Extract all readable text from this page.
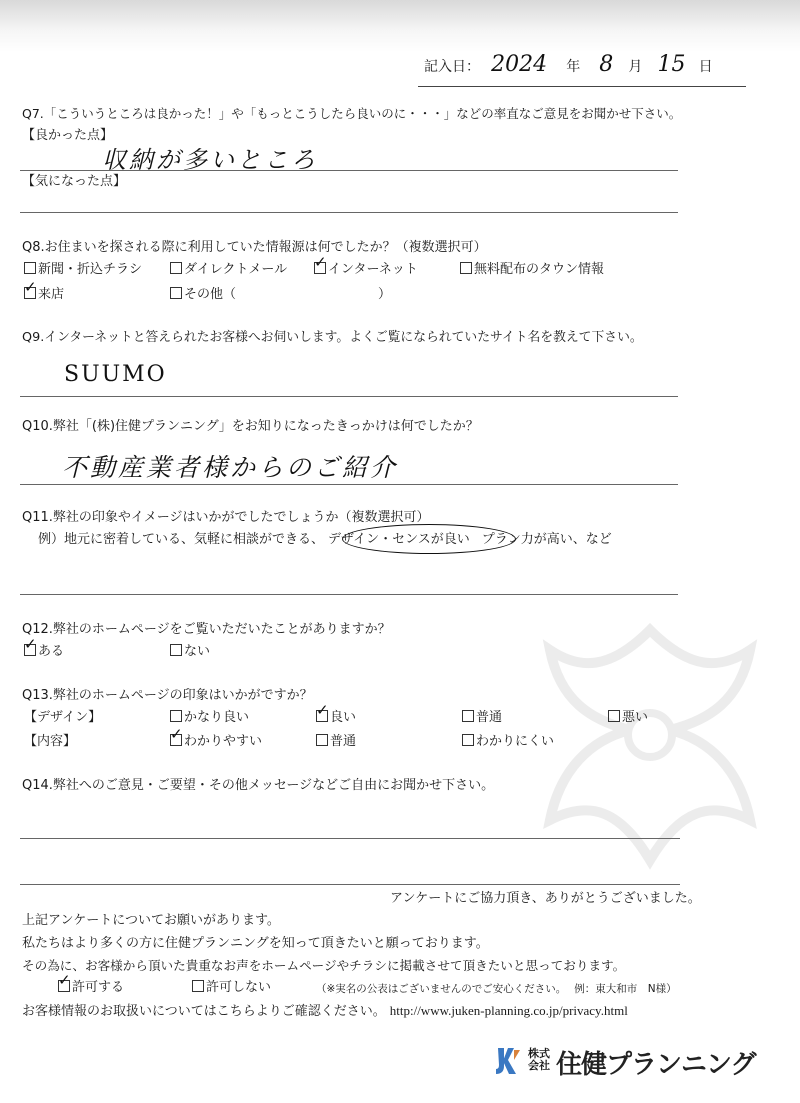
記入日： 2024 年 8 月 15 日
Q7.「こういうところは良かった！」や「もっとこうしたら良いのに・・・」などの率直なご意見をお聞かせ下さい。
【良かった点】
収納が多いところ
【気になった点】
Q8.お住まいを探される際に利用していた情報源は何でしたか？（複数選択可）
新聞・折込チラシ	ダイレクトメール ✓	インターネット	無料配布のタウン情報
✓来店	その他（	）
Q9.インターネットと答えられたお客様へお伺いします。よくご覧になられていたサイト名を教えて下さい。
SUUMO
Q10.弊社「(株)住健プランニング」をお知りになったきっかけは何でしたか？
不動産業者様からのご紹介
Q11.弊社の印象やイメージはいかがでしたでしょうか（複数選択可）
例）地元に密着している、気軽に相談ができる、 デザイン・センスが良い プラン力が高い、など
Q12.弊社のホームページをご覧いただいたことがありますか？
✓ある	ない
Q13.弊社のホームページの印象はいかがですか？
【デザイン】	かなり良い ✓	良い	普通	悪い
【内容】 ✓	わかりやすい	普通	わかりにくい
Q14.弊社へのご意見・ご要望・その他メッセージなどご自由にお聞かせ下さい。
アンケートにご協力頂き、ありがとうございました。
上記アンケートについてお願いがあります。
私たちはより多くの方に住健プランニングを知って頂きたいと願っております。
その為に、お客様から頂いた貴重なお声をホームページやチラシに掲載させて頂きたいと思っております。
✓許可する	許可しない	（※実名の公表はございませんのでご安心ください。 例：東大和市　N様）
お客様情報のお取扱いについてはこちらよりご確認ください。 http://www.juken-planning.co.jp/privacy.html
株式会社 住健プランニング
